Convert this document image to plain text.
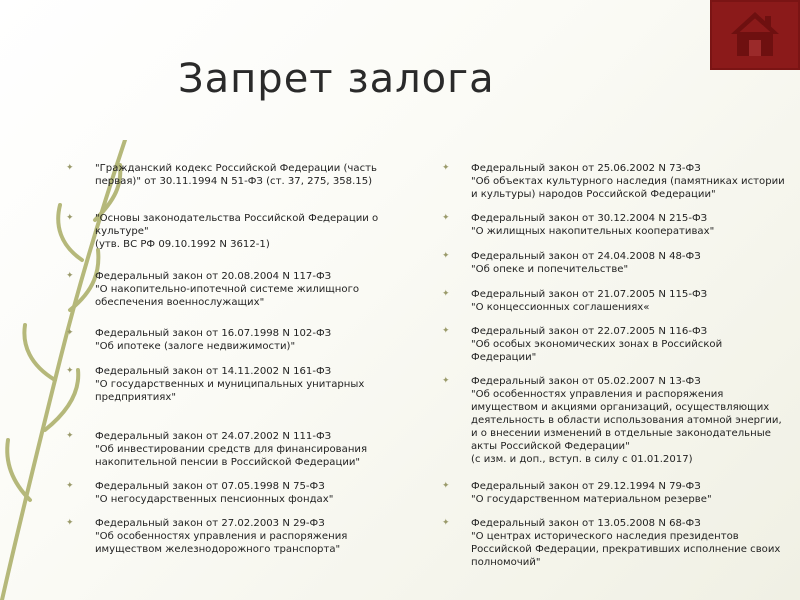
Запрет залога
✦ "Гражданский кодекс Российской Федерации (часть первая)" от 30.11.1994 N 51-ФЗ (ст. 37, 275, 358.15)
✦ "Основы законодательства Российской Федерации о культуре"
(утв. ВС РФ 09.10.1992 N 3612-1)
✦ Федеральный закон от 20.08.2004 N 117-ФЗ
"О накопительно-ипотечной системе жилищного обеспечения военнослужащих"
✦ Федеральный закон от 16.07.1998 N 102-ФЗ
"Об ипотеке (залоге недвижимости)"
✦ Федеральный закон от 14.11.2002 N 161-ФЗ
"О государственных и муниципальных унитарных предприятиях"
✦ Федеральный закон от 24.07.2002 N 111-ФЗ
"Об инвестировании средств для финансирования накопительной пенсии в Российской Федерации"
✦ Федеральный закон от 07.05.1998 N 75-ФЗ
"О негосударственных пенсионных фондах"
✦ Федеральный закон от 27.02.2003 N 29-ФЗ
"Об особенностях управления и распоряжения имуществом железнодорожного транспорта"
✦ Федеральный закон от 25.06.2002 N 73-ФЗ
"Об объектах культурного наследия (памятниках истории и культуры) народов Российской Федерации"
✦ Федеральный закон от 30.12.2004 N 215-ФЗ
"О жилищных накопительных кооперативах"
✦ Федеральный закон от 24.04.2008 N 48-ФЗ
"Об опеке и попечительстве"
✦ Федеральный закон от 21.07.2005 N 115-ФЗ
"О концессионных соглашениях«
✦ Федеральный закон от 22.07.2005 N 116-ФЗ
"Об особых экономических зонах в Российской Федерации"
✦ Федеральный закон от 05.02.2007 N 13-ФЗ
"Об особенностях управления и распоряжения имуществом и акциями организаций, осуществляющих деятельность в области использования атомной энергии, и о внесении изменений в отдельные законодательные акты Российской Федерации"
(с изм. и доп., вступ. в силу с 01.01.2017)
✦ Федеральный закон от 29.12.1994 N 79-ФЗ
"О государственном материальном резерве"
✦ Федеральный закон от 13.05.2008 N 68-ФЗ
"О центрах исторического наследия президентов Российской Федерации, прекративших исполнение своих полномочий"
